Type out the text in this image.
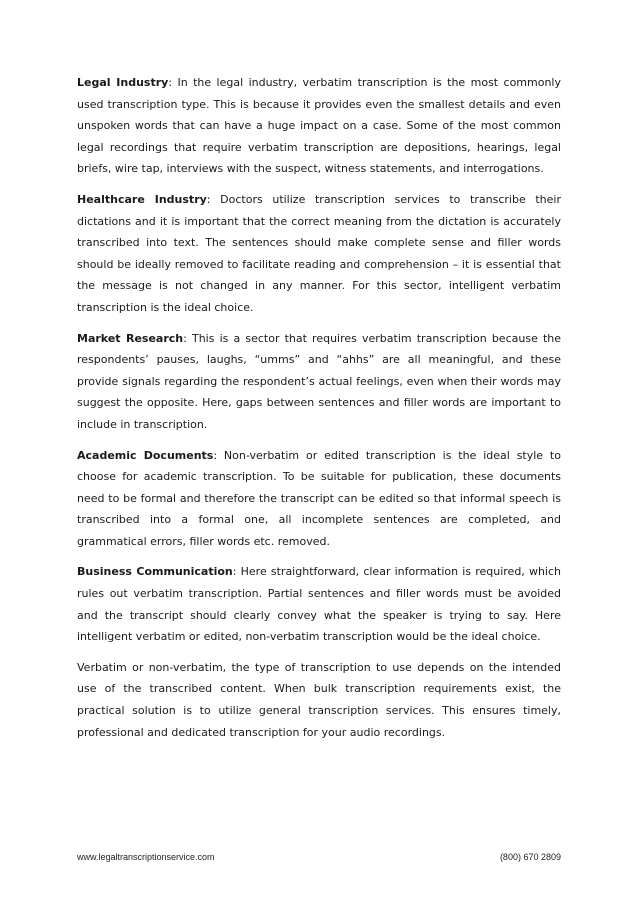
Legal Industry: In the legal industry, verbatim transcription is the most commonly used transcription type. This is because it provides even the smallest details and even unspoken words that can have a huge impact on a case. Some of the most common legal recordings that require verbatim transcription are depositions, hearings, legal briefs, wire tap, interviews with the suspect, witness statements, and interrogations.

Healthcare Industry: Doctors utilize transcription services to transcribe their dictations and it is important that the correct meaning from the dictation is accurately transcribed into text. The sentences should make complete sense and filler words should be ideally removed to facilitate reading and comprehension – it is essential that the message is not changed in any manner. For this sector, intelligent verbatim transcription is the ideal choice.

Market Research: This is a sector that requires verbatim transcription because the respondents’ pauses, laughs, “umms” and “ahhs” are all meaningful, and these provide signals regarding the respondent’s actual feelings, even when their words may suggest the opposite. Here, gaps between sentences and filler words are important to include in transcription.

Academic Documents: Non-verbatim or edited transcription is the ideal style to choose for academic transcription. To be suitable for publication, these documents need to be formal and therefore the transcript can be edited so that informal speech is transcribed into a formal one, all incomplete sentences are completed, and grammatical errors, filler words etc. removed.

Business Communication: Here straightforward, clear information is required, which rules out verbatim transcription. Partial sentences and filler words must be avoided and the transcript should clearly convey what the speaker is trying to say. Here intelligent verbatim or edited, non-verbatim transcription would be the ideal choice.

Verbatim or non-verbatim, the type of transcription to use depends on the intended use of the transcribed content. When bulk transcription requirements exist, the practical solution is to utilize general transcription services. This ensures timely, professional and dedicated transcription for your audio recordings.

www.legaltranscriptionservice.com	(800) 670 2809
